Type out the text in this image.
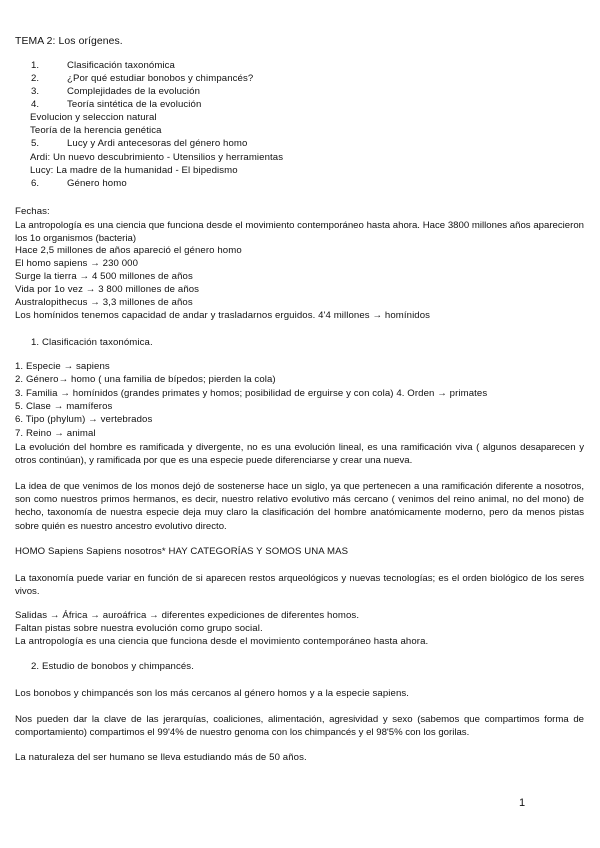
TEMA 2: Los orígenes.
1.	Clasificación taxonómica
2.	¿Por qué estudiar bonobos y chimpancés?
3.	Complejidades de la evolución
4.	Teoría sintética de la evolución
Evolucion y seleccion natural
Teoría de la herencia genética
5.	Lucy y Ardi antecesoras del género homo
Ardi: Un nuevo descubrimiento - Utensilios y herramientas
Lucy: La madre de la humanidad - El bipedismo
6.	Género homo
Fechas:
La antropología es una ciencia que funciona desde el movimiento contemporáneo hasta ahora. Hace 3800 millones años aparecieron los 1o organismos (bacteria)
Hace 2,5 millones de años apareció el género homo
El homo sapiens → 230 000
Surge la tierra → 4 500 millones de años
Vida por 1o vez → 3 800 millones de años
Australopithecus → 3,3 millones de años
Los homínidos tenemos capacidad de andar y trasladarnos erguidos. 4'4 millones → homínidos
1. Clasificación taxonómica.
1. Especie → sapiens
2. Género→ homo ( una familia de bípedos; pierden la cola)
3. Familia → homínidos (grandes primates y homos; posibilidad de erguirse y con cola) 4. Orden → primates
5. Clase → mamíferos
6. Tipo (phylum) → vertebrados
7. Reino → animal
La evolución del hombre es ramificada y divergente, no es una evolución lineal, es una ramificación viva ( algunos desaparecen y otros continúan), y ramificada por que es una especie puede diferenciarse y crear una nueva.
La idea de que venimos de los monos dejó de sostenerse hace un siglo, ya que pertenecen a una ramificación diferente a nosotros, son como nuestros primos hermanos, es decir, nuestro relativo evolutivo más cercano ( venimos del reino animal, no del mono) de hecho, taxonomía de nuestra especie deja muy claro la clasificación del hombre anatómicamente moderno, pero da menos pistas sobre quién es nuestro ancestro evolutivo directo.
HOMO Sapiens Sapiens nosotros* HAY CATEGORÍAS Y SOMOS UNA MAS
La taxonomía puede variar en función de si aparecen restos arqueológicos y nuevas tecnologías; es el orden biológico de los seres vivos.
Salidas → África → auroáfrica → diferentes expediciones de diferentes homos.
Faltan pistas sobre nuestra evolución como grupo social.
La antropología es una ciencia que funciona desde el movimiento contemporáneo hasta ahora.
2. Estudio de bonobos y chimpancés.
Los bonobos y chimpancés son los más cercanos al género homos y a la especie sapiens.
Nos pueden dar la clave de las jerarquías, coaliciones, alimentación, agresividad y sexo (sabemos que compartimos forma de comportamiento) compartimos el 99'4% de nuestro genoma con los chimpancés y el 98'5% con los gorilas.
La naturaleza del ser humano se lleva estudiando más de 50 años.
1
